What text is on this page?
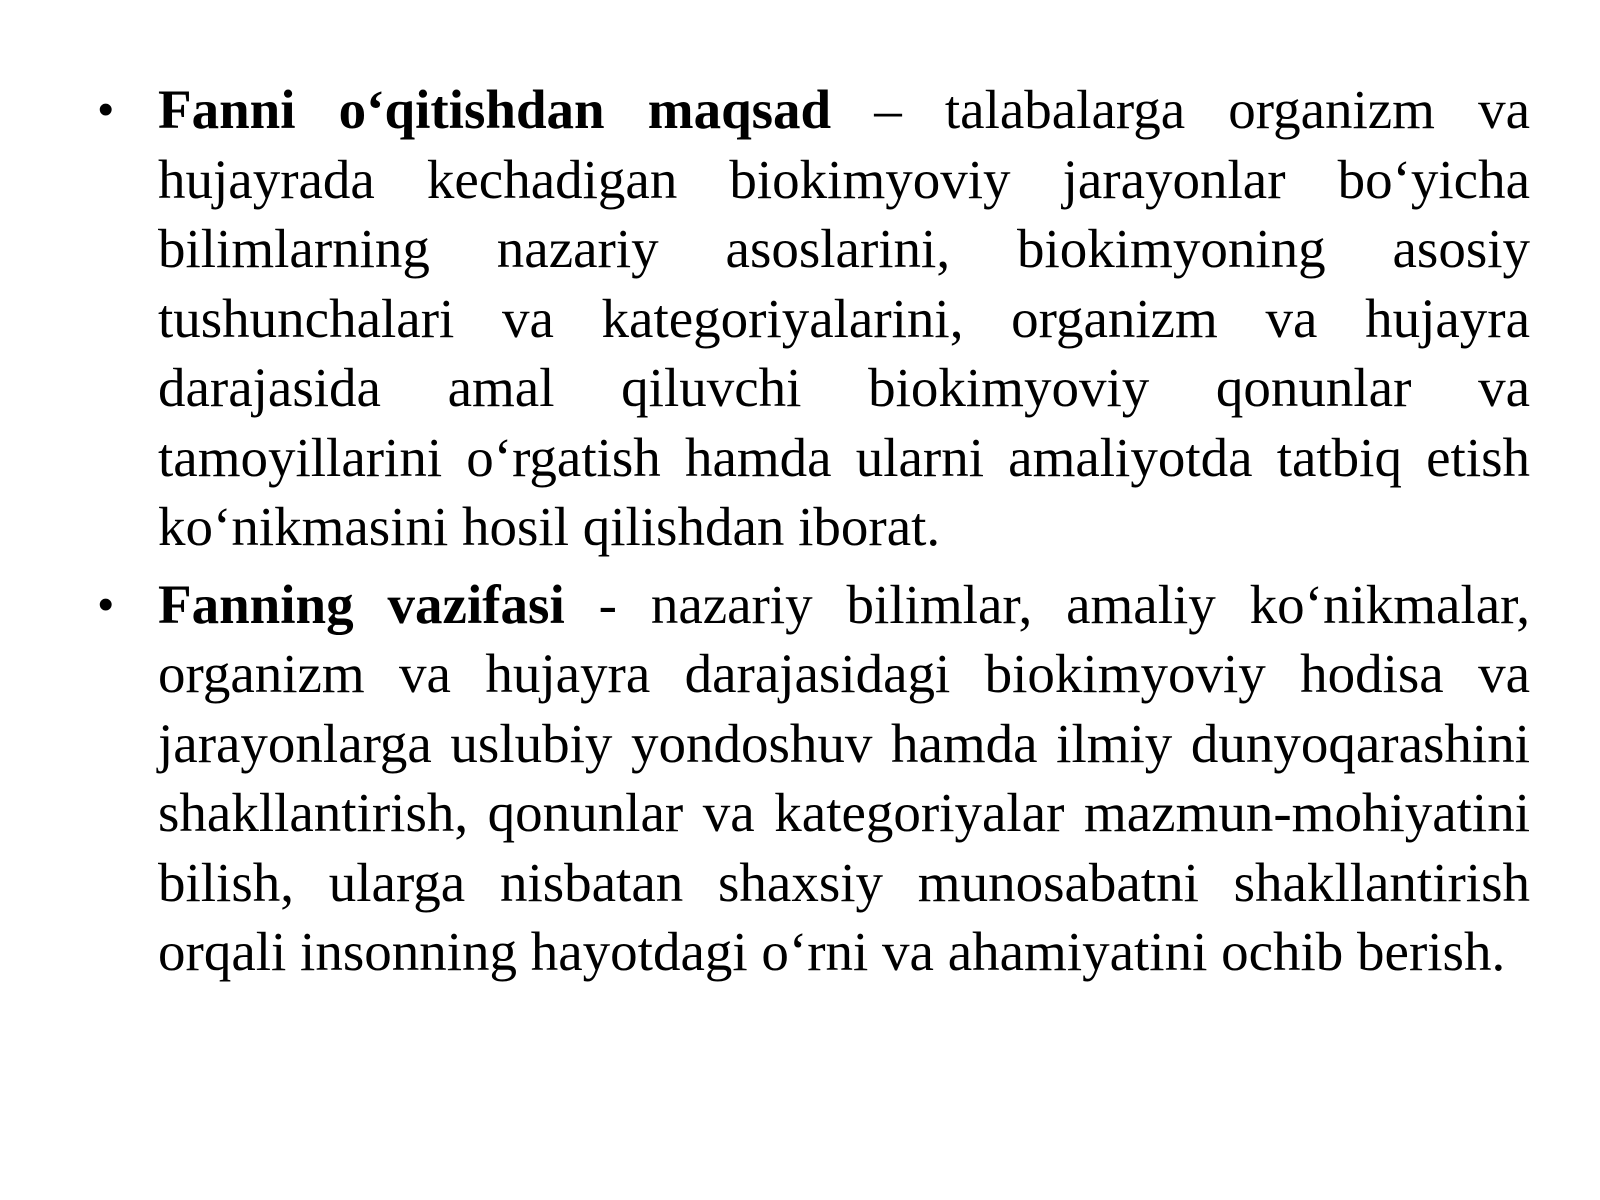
• Fanni o‘qitishdan maqsad – talabalarga organizm va hujayrada kechadigan biokimyoviy jarayonlar bo‘yicha bilimlarning nazariy asoslarini, biokimyoning asosiy tushunchalari va kategoriyalarini, organizm va hujayra darajasida amal qiluvchi biokimyoviy qonunlar va tamoyillarini o‘rgatish hamda ularni amaliyotda tatbiq etish ko‘nikmasini hosil qilishdan iborat.
• Fanning vazifasi - nazariy bilimlar, amaliy ko‘nikmalar, organizm va hujayra darajasidagi biokimyoviy hodisa va jarayonlarga uslubiy yondoshuv hamda ilmiy dunyoqarashini shakllantirish, qonunlar va kategoriyalar mazmun-mohiyatini bilish, ularga nisbatan shaxsiy munosabatni shakllantirish orqali insonning hayotdagi o‘rni va ahamiyatini ochib berish.
